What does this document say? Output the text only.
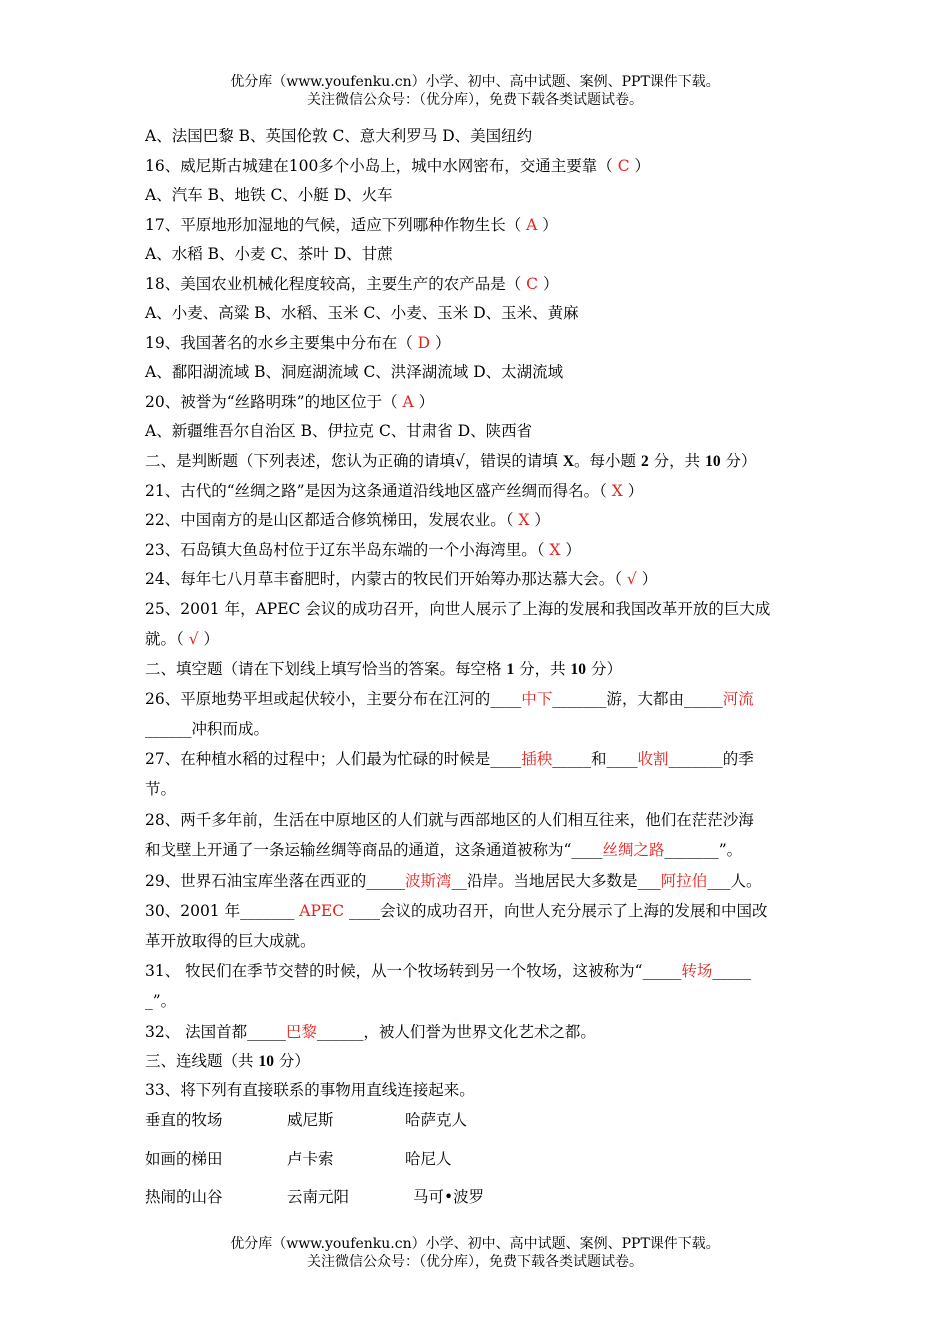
优分库（www.youfenku.cn）小学、初中、高中试题、案例、PPT课件下载。
关注微信公众号：（优分库），免费下载各类试题试卷。
A、法国巴黎 B、英国伦敦 C、意大利罗马 D、美国纽约
16、威尼斯古城建在100多个小岛上，城中水网密布，交通主要靠（ C ）
A、汽车 B、地铁 C、小艇 D、火车
17、平原地形加湿地的气候，适应下列哪种作物生长（ A ）
A、水稻 B、小麦 C、茶叶 D、甘蔗
18、美国农业机械化程度较高，主要生产的农产品是（ C ）
A、小麦、高粱 B、水稻、玉米 C、小麦、玉米 D、玉米、黄麻
19、我国著名的水乡主要集中分布在（ D ）
A、鄱阳湖流域 B、洞庭湖流域 C、洪泽湖流域 D、太湖流域
20、被誉为“丝路明珠”的地区位于（ A ）
A、新疆维吾尔自治区 B、伊拉克 C、甘肃省 D、陕西省
二、是判断题（下列表述，您认为正确的请填√，错误的请填 X。每小题 2 分，共 10 分）
21、古代的“丝绸之路”是因为这条通道沿线地区盛产丝绸而得名。（ X ）
22、中国南方的是山区都适合修筑梯田，发展农业。（ X ）
23、石岛镇大鱼岛村位于辽东半岛东端的一个小海湾里。（ X ）
24、每年七八月草丰畜肥时，内蒙古的牧民们开始筹办那达慕大会。（ √ ）
25、2001 年，APEC 会议的成功召开，向世人展示了上海的发展和我国改革开放的巨大成
就。（ √ ）
二、填空题（请在下划线上填写恰当的答案。每空格 1 分，共 10 分）
26、平原地势平坦或起伏较小，主要分布在江河的____中下_______游，大都由_____河流
______冲积而成。
27、在种植水稻的过程中；人们最为忙碌的时候是____插秧_____和____收割_______的季
节。
28、两千多年前，生活在中原地区的人们就与西部地区的人们相互往来，他们在茫茫沙海
和戈壁上开通了一条运输丝绸等商品的通道，这条通道被称为“____丝绸之路_______”。
29、世界石油宝库坐落在西亚的_____波斯湾__沿岸。当地居民大多数是___阿拉伯___人。
30、2001 年_______ APEC ____会议的成功召开，向世人充分展示了上海的发展和中国改
革开放取得的巨大成就。
31、 牧民们在季节交替的时候，从一个牧场转到另一个牧场，这被称为“_____转场_____
_”。
32、 法国首都_____巴黎______，被人们誉为世界文化艺术之都。
三、连线题（共 10 分）
33、将下列有直接联系的事物用直线连接起来。
垂直的牧场	威尼斯	哈萨克人
如画的梯田	卢卡索	哈尼人
热闹的山谷	云南元阳	马可•波罗
优分库（www.youfenku.cn）小学、初中、高中试题、案例、PPT课件下载。
关注微信公众号：（优分库），免费下载各类试题试卷。
